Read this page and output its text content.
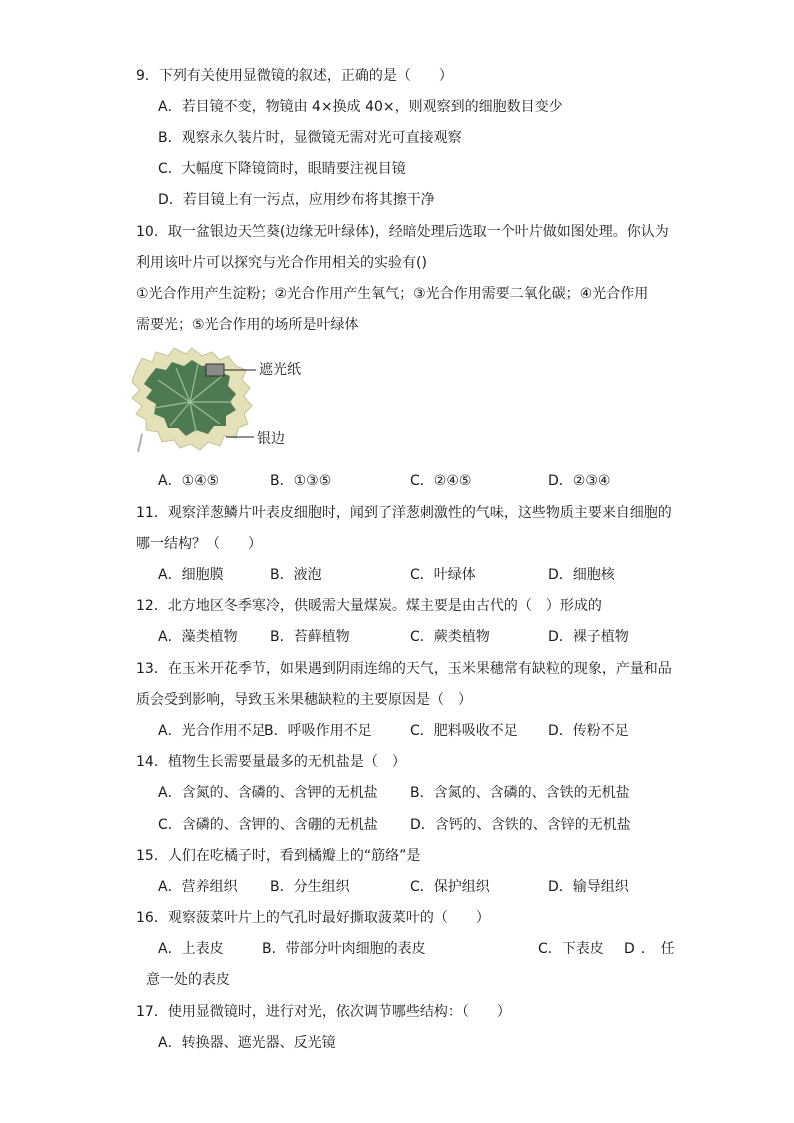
9．下列有关使用显微镜的叙述，正确的是（　　）
A．若目镜不变，物镜由 4×换成 40×，则观察到的细胞数目变少
B．观察永久装片时，显微镜无需对光可直接观察
C．大幅度下降镜筒时，眼睛要注视目镜
D．若目镜上有一污点，应用纱布将其擦干净
10．取一盆银边天竺葵(边缘无叶绿体)，经暗处理后选取一个叶片做如图处理。你认为
利用该叶片可以探究与光合作用相关的实验有()
①光合作用产生淀粉；②光合作用产生氧气；③光合作用需要二氧化碳；④光合作用
需要光；⑤光合作用的场所是叶绿体
遮光纸
银边
A．①④⑤	B．①③⑤	C．②④⑤	D．②③④
11．观察洋葱鳞片叶表皮细胞时，闻到了洋葱刺激性的气味，这些物质主要来自细胞的
哪一结构？（　　）
A．细胞膜	B．液泡	C．叶绿体	D．细胞核
12．北方地区冬季寒冷，供暖需大量煤炭。煤主要是由古代的（　）形成的
A．藻类植物 B．苔藓植物	C．蕨类植物	D．裸子植物
13．在玉米开花季节，如果遇到阴雨连绵的天气，玉米果穗常有缺粒的现象，产量和品
质会受到影响，导致玉米果穗缺粒的主要原因是（　）
A．光合作用不足
B．呼吸作用不足	C．肥料吸收不足 D．传粉不足
14．植物生长需要量最多的无机盐是（　）
A．含氮的、含磷的、含钾的无机盐 B．含氮的、含磷的、含铁的无机盐
C．含磷的、含钾的、含硼的无机盐 D．含钙的、含铁的、含锌的无机盐
15．人们在吃橘子时，看到橘瓣上的“筋络”是
A．营养组织 B．分生组织	C．保护组织	D．输导组织
16．观察菠菜叶片上的气孔时最好撕取菠菜叶的（　　）
A．上表皮	B．带部分叶肉细胞的表皮	C．下表皮 D．任
意一处的表皮
17．使用显微镜时，进行对光，依次调节哪些结构：（　　）
A．转换器、遮光器、反光镜
